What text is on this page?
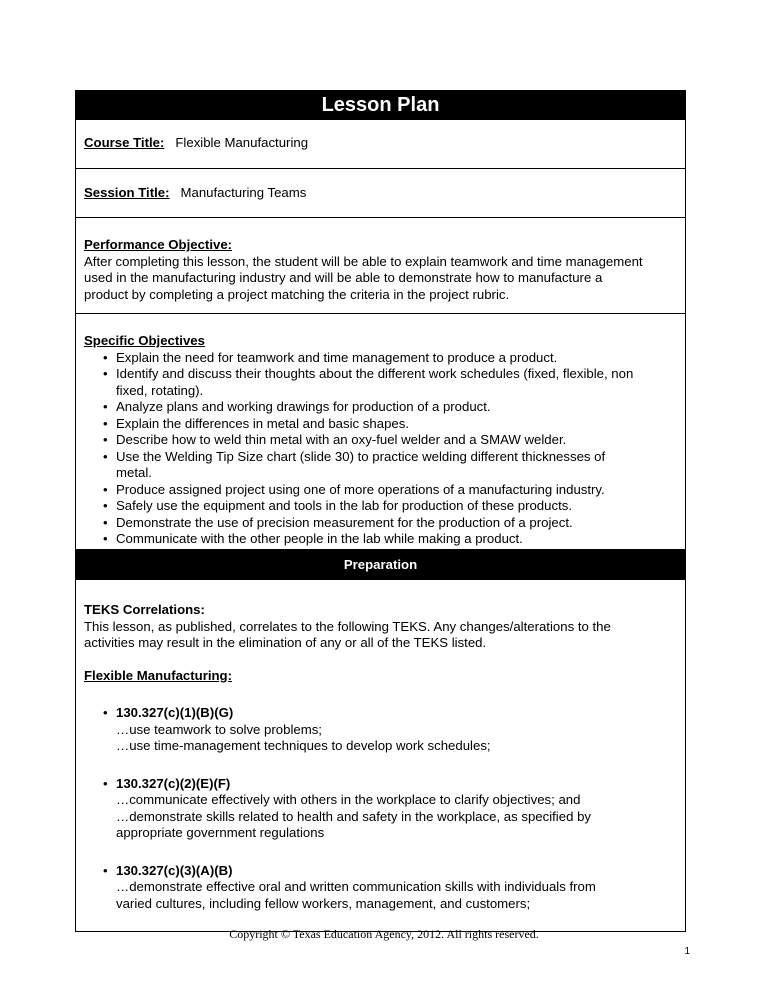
Lesson Plan
Course Title: Flexible Manufacturing
Session Title: Manufacturing Teams
Performance Objective:
After completing this lesson, the student will be able to explain teamwork and time management
used in the manufacturing industry and will be able to demonstrate how to manufacture a
product by completing a project matching the criteria in the project rubric.
Specific Objectives
• Explain the need for teamwork and time management to produce a product.
• Identify and discuss their thoughts about the different work schedules (fixed, flexible, non
fixed, rotating).
• Analyze plans and working drawings for production of a product.
• Explain the differences in metal and basic shapes.
• Describe how to weld thin metal with an oxy-fuel welder and a SMAW welder.
• Use the Welding Tip Size chart (slide 30) to practice welding different thicknesses of
metal.
• Produce assigned project using one of more operations of a manufacturing industry.
• Safely use the equipment and tools in the lab for production of these products.
• Demonstrate the use of precision measurement for the production of a project.
• Communicate with the other people in the lab while making a product.
Preparation
TEKS Correlations:
This lesson, as published, correlates to the following TEKS. Any changes/alterations to the
activities may result in the elimination of any or all of the TEKS listed.
Flexible Manufacturing:
• 130.327(c)(1)(B)(G)
…use teamwork to solve problems;
…use time-management techniques to develop work schedules;
• 130.327(c)(2)(E)(F)
…communicate effectively with others in the workplace to clarify objectives; and
…demonstrate skills related to health and safety in the workplace, as specified by
appropriate government regulations
• 130.327(c)(3)(A)(B)
…demonstrate effective oral and written communication skills with individuals from
varied cultures, including fellow workers, management, and customers;
Copyright © Texas Education Agency, 2012. All rights reserved.
1
